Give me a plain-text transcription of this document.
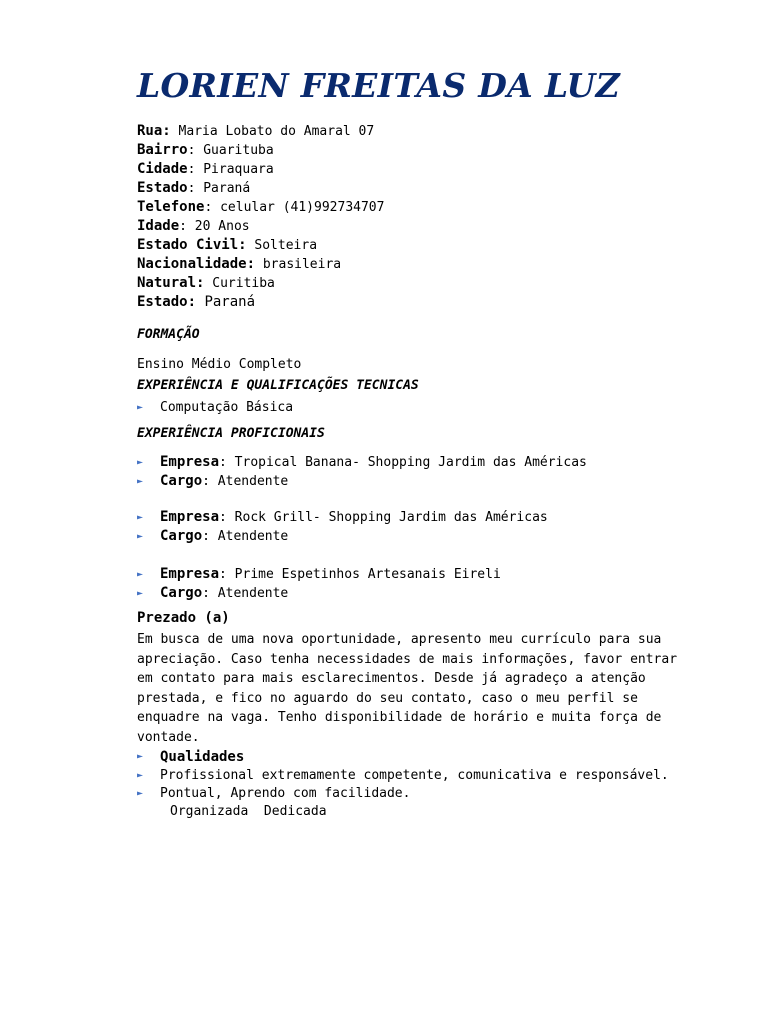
LORIEN FREITAS DA LUZ
Rua: Maria Lobato do Amaral 07
Bairro: Guarituba
Cidade: Piraquara
Estado: Paraná
Telefone: celular (41)992734707
Idade: 20 Anos
Estado Civil: Solteira
Nacionalidade: brasileira
Natural: Curitiba
Estado: Paraná
FORMAÇÃO
Ensino Médio Completo
EXPERIÊNCIA E QUALIFICAÇÕES TECNICAS
► Computação Básica
EXPERIÊNCIA PROFICIONAIS
► Empresa: Tropical Banana- Shopping Jardim das Américas
► Cargo: Atendente
► Empresa: Rock Grill- Shopping Jardim das Américas
► Cargo: Atendente
► Empresa: Prime Espetinhos Artesanais Eireli
► Cargo: Atendente
Prezado (a)

Em busca de uma nova oportunidade, apresento meu currículo para sua apreciação. Caso tenha necessidades de mais informações, favor entrar em contato para mais esclarecimentos. Desde já agradeço a atenção prestada, e fico no aguardo do seu contato, caso o meu perfil se enquadre na vaga. Tenho disponibilidade de horário e muita força de vontade.

► Qualidades
► Profissional extremamente competente, comunicativa e responsável.
► Pontual, Aprendo com facilidade.
Organizada  Dedicada
